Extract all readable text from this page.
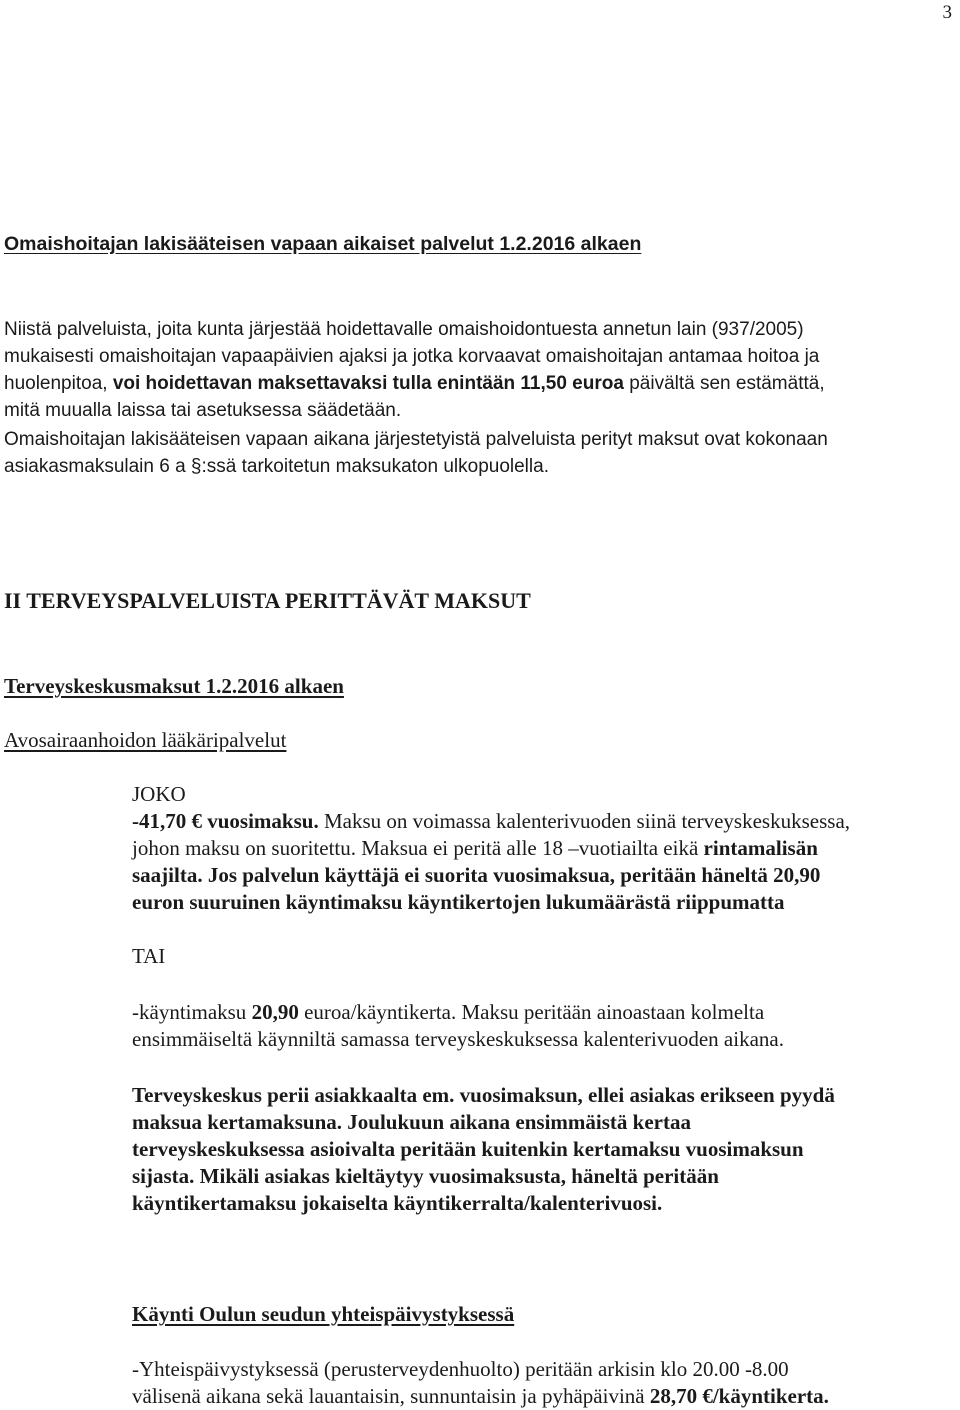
3
Omaishoitajan lakisääteisen vapaan aikaiset palvelut 1.2.2016 alkaen
Niistä palveluista, joita kunta järjestää hoidettavalle omaishoidontuesta annetun lain (937/2005)
mukaisesti omaishoitajan vapaapäivien ajaksi ja jotka korvaavat omaishoitajan antamaa hoitoa ja
huolenpitoa, voi hoidettavan maksettavaksi tulla enintään 11,50 euroa päivältä sen estämättä,
mitä muualla laissa tai asetuksessa säädetään.
Omaishoitajan lakisääteisen vapaan aikana järjestetyistä palveluista perityt maksut ovat kokonaan
asiakasmaksulain 6 a §:ssä tarkoitetun maksukaton ulkopuolella.
II TERVEYSPALVELUISTA PERITTÄVÄT MAKSUT
Terveyskeskusmaksut 1.2.2016 alkaen
Avosairaanhoidon lääkäripalvelut
JOKO
-41,70 € vuosimaksu. Maksu on voimassa kalenterivuoden siinä terveyskeskuksessa,
johon maksu on suoritettu. Maksua ei peritä alle 18 –vuotiailta eikä rintamalisän
saajilta. Jos palvelun käyttäjä ei suorita vuosimaksua, peritään häneltä 20,90
euron suuruinen käyntimaksu käyntikertojen lukumäärästä riippumatta
TAI
-käyntimaksu 20,90 euroa/käyntikerta. Maksu peritään ainoastaan kolmelta
ensimmäiseltä käynniltä samassa terveyskeskuksessa kalenterivuoden aikana.
Terveyskeskus perii asiakkaalta em. vuosimaksun, ellei asiakas erikseen pyydä
maksua kertamaksuna. Joulukuun aikana ensimmäistä kertaa
terveyskeskuksessa asioivalta peritään kuitenkin kertamaksu vuosimaksun
sijasta. Mikäli asiakas kieltäytyy vuosimaksusta, häneltä peritään
käyntikertamaksu jokaiselta käyntikerralta/kalenterivuosi.
Käynti Oulun seudun yhteispäivystyksessä
-Yhteispäivystyksessä (perusterveydenhuolto) peritään arkisin klo 20.00 -8.00
välisenä aikana sekä lauantaisin, sunnuntaisin ja pyhäpäivinä 28,70 €/käyntikerta.
